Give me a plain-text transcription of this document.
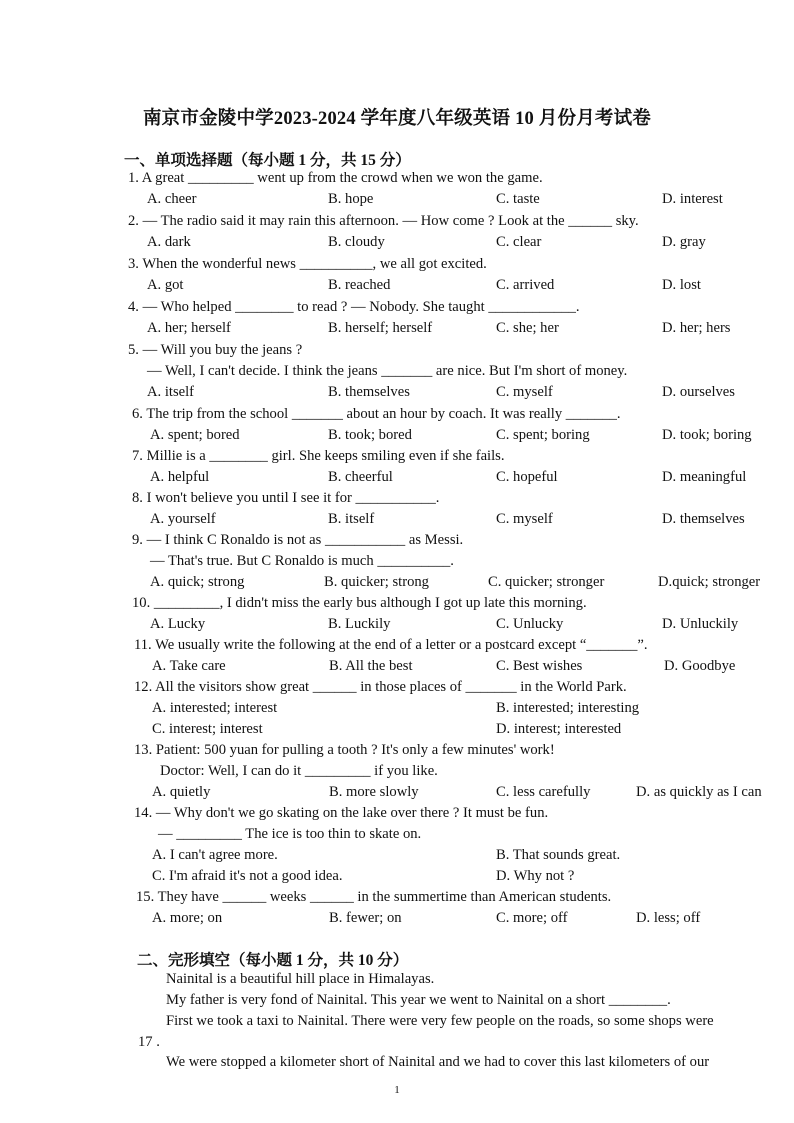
南京市金陵中学2023-2024 学年度八年级英语 10 月份月考试卷
一、单项选择题（每小题 1 分，共 15 分）
1. A great _________ went up from the crowd when we won the game.
A. cheer	B. hope	C. taste	D. interest
2. — The radio said it may rain this afternoon. — How come ? Look at the ______ sky.
A. dark	B. cloudy	C. clear	D. gray
3. When the wonderful news __________, we all got excited.
A. got	B. reached	C. arrived	D. lost
4. — Who helped ________ to read ? — Nobody. She taught ____________.
A. her; herself	B. herself; herself	C. she; her	D. her; hers
5. — Will you buy the jeans ?
— Well, I can't decide. I think the jeans _______ are nice. But I'm short of money.
A. itself	B. themselves	C. myself	D. ourselves
6. The trip from the school _______ about an hour by coach. It was really _______.
A. spent; bored	B. took; bored	C. spent; boring	D. took; boring
7. Millie is a ________ girl. She keeps smiling even if she fails.
A. helpful	B. cheerful	C. hopeful	D. meaningful
8. I won't believe you until I see it for ___________.
A. yourself	B. itself	C. myself	D. themselves
9. — I think C Ronaldo is not as ___________ as Messi.
— That's true. But C Ronaldo is much __________.
A. quick; strong	B. quicker; strong	C. quicker; stronger	D.quick; stronger
10. _________, I didn't miss the early bus although I got up late this morning.
A. Lucky	B. Luckily	C. Unlucky	D. Unluckily
11. We usually write the following at the end of a letter or a postcard except “_______”.
A. Take care	B. All the best	C. Best wishes	D. Goodbye
12. All the visitors show great ______ in those places of _______ in the World Park.
A. interested; interest	B. interested; interesting
C. interest; interest	D. interest; interested
13. Patient: 500 yuan for pulling a tooth ? It's only a few minutes' work!
Doctor: Well, I can do it _________ if you like.
A. quietly	B. more slowly	C. less carefully	D. as quickly as I can
14. — Why don't we go skating on the lake over there ? It must be fun.
— _________ The ice is too thin to skate on.
A. I can't agree more.	B. That sounds great.
C. I'm afraid it's not a good idea.	D. Why not ?
15. They have ______ weeks ______ in the summertime than American students.
A. more; on	B. fewer; on	C. more; off	D. less; off
二、完形填空（每小题 1 分，共 10 分）
Nainital is a beautiful hill place in Himalayas.
My father is very fond of Nainital. This year we went to Nainital on a short ________.
First we took a taxi to Nainital. There were very few people on the roads, so some shops were
17 .
We were stopped a kilometer short of Nainital and we had to cover this last kilometers of our
1
